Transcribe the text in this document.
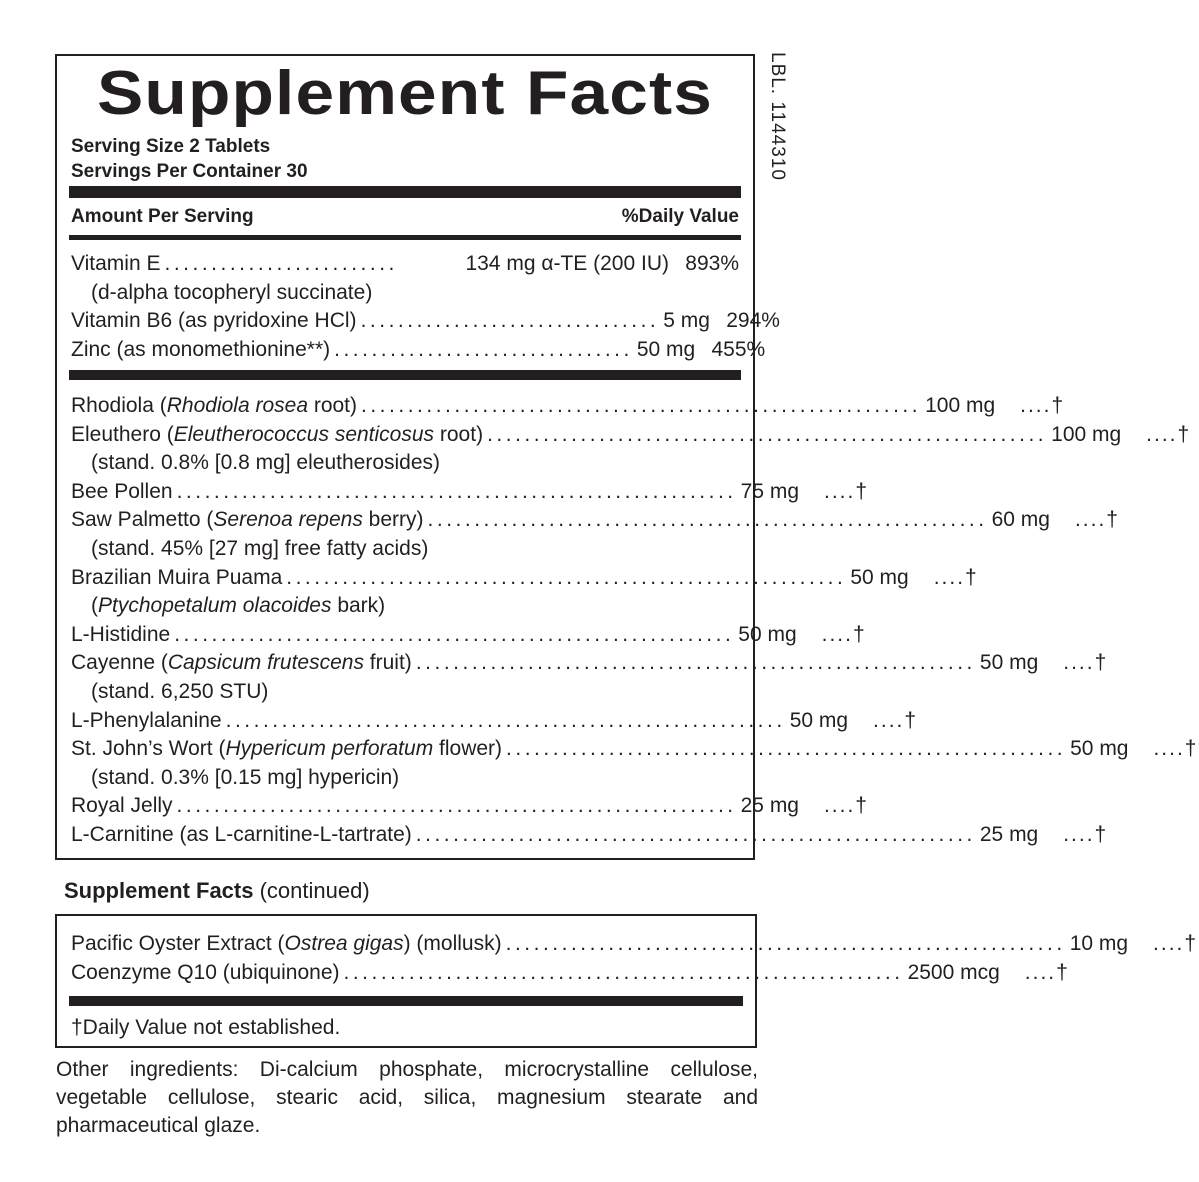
LBL. 1144310
Supplement Facts
Serving Size 2 Tablets
Servings Per Container 30
Amount Per Serving	%Daily Value
Vitamin E .........................	134 mg α-TE (200 IU) 893%
(d-alpha tocopheryl succinate)
Vitamin B6 (as pyridoxine HCl) ................................ 5 mg 294%
Zinc (as monomethionine**) ................................ 50 mg 455%
Rhodiola (Rhodiola rosea root) ............................................................ 100 mg	....†
Eleuthero (Eleutherococcus senticosus root) ............................................................ 100 mg	....†
(stand. 0.8% [0.8 mg] eleutherosides)
Bee Pollen ............................................................ 75 mg	....†
Saw Palmetto (Serenoa repens berry) ............................................................ 60 mg	....†
(stand. 45% [27 mg] free fatty acids)
Brazilian Muira Puama ............................................................ 50 mg	....†
(Ptychopetalum olacoides bark)
L-Histidine ............................................................ 50 mg	....†
Cayenne (Capsicum frutescens fruit) ............................................................ 50 mg	....†
(stand. 6,250 STU)
L-Phenylalanine ............................................................ 50 mg	....†
St. John’s Wort (Hypericum perforatum flower) ............................................................ 50 mg	....†
(stand. 0.3% [0.15 mg] hypericin)
Royal Jelly ............................................................ 25 mg	....†
L-Carnitine (as L-carnitine-L-tartrate) ............................................................ 25 mg	....†
Supplement Facts (continued)
Pacific Oyster Extract (Ostrea gigas) (mollusk) ............................................................ 10 mg	....†
Coenzyme Q10 (ubiquinone) ............................................................ 2500 mcg	....†
†Daily Value not established.
Other ingredients: Di-calcium phosphate, microcrystalline cellulose, vegetable cellulose, stearic acid, silica, magnesium stearate and pharmaceutical glaze.
